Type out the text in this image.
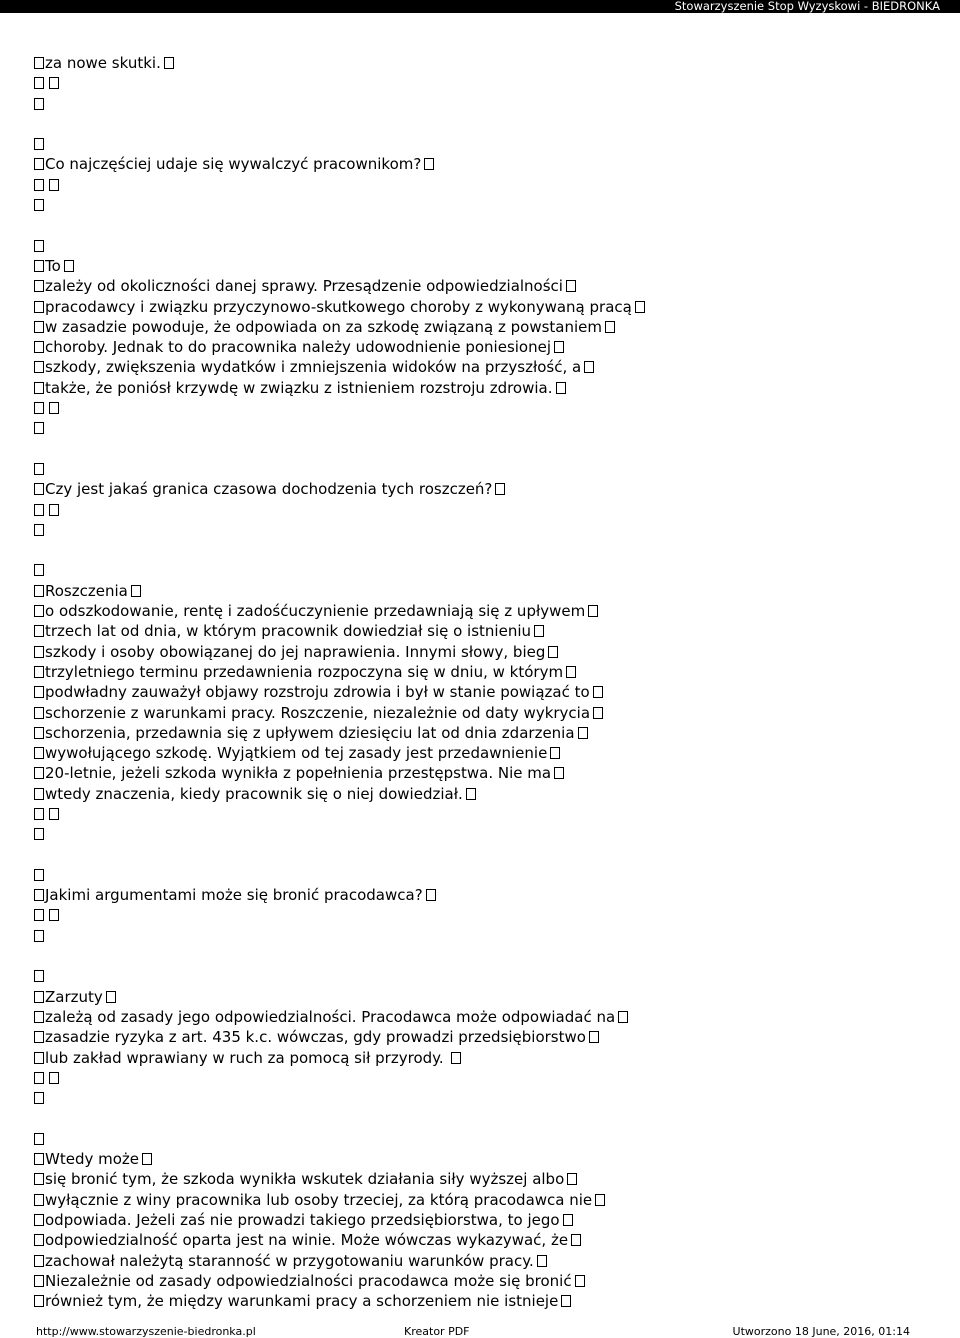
Stowarzyszenie Stop Wyzyskowi - BIEDRONKA
za nowe skutki.
Co najczęściej udaje się wywalczyć pracownikom?
To
zależy od okoliczności danej sprawy. Przesądzenie odpowiedzialności
pracodawcy i związku przyczynowo-skutkowego choroby z wykonywaną pracą
w zasadzie powoduje, że odpowiada on za szkodę związaną z powstaniem
choroby. Jednak to do pracownika należy udowodnienie poniesionej
szkody, zwiększenia wydatków i zmniejszenia widoków na przyszłość, a
także, że poniósł krzywdę w związku z istnieniem rozstroju zdrowia.
Czy jest jakaś granica czasowa dochodzenia tych roszczeń?
Roszczenia
o odszkodowanie, rentę i zadośćuczynienie przedawniają się z upływem
trzech lat od dnia, w którym pracownik dowiedział się o istnieniu
szkody i osoby obowiązanej do jej naprawienia. Innymi słowy, bieg
trzyletniego terminu przedawnienia rozpoczyna się w dniu, w którym
podwładny zauważył objawy rozstroju zdrowia i był w stanie powiązać to
schorzenie z warunkami pracy. Roszczenie, niezależnie od daty wykrycia
schorzenia, przedawnia się z upływem dziesięciu lat od dnia zdarzenia
wywołującego szkodę. Wyjątkiem od tej zasady jest przedawnienie
20-letnie, jeżeli szkoda wynikła z popełnienia przestępstwa. Nie ma
wtedy znaczenia, kiedy pracownik się o niej dowiedział.
Jakimi argumentami może się bronić pracodawca?
Zarzuty
zależą od zasady jego odpowiedzialności. Pracodawca może odpowiadać na
zasadzie ryzyka z art. 435 k.c. wówczas, gdy prowadzi przedsiębiorstwo
lub zakład wprawiany w ruch za pomocą sił przyrody.
Wtedy może
się bronić tym, że szkoda wynikła wskutek działania siły wyższej albo
wyłącznie z winy pracownika lub osoby trzeciej, za którą pracodawca nie
odpowiada. Jeżeli zaś nie prowadzi takiego przedsiębiorstwa, to jego
odpowiedzialność oparta jest na winie. Może wówczas wykazywać, że
zachował należytą staranność w przygotowaniu warunków pracy.
Niezależnie od zasady odpowiedzialności pracodawca może się bronić
również tym, że między warunkami pracy a schorzeniem nie istnieje
http://www.stowarzyszenie-biedronka.pl	Kreator PDF	Utworzono 18 June, 2016, 01:14
